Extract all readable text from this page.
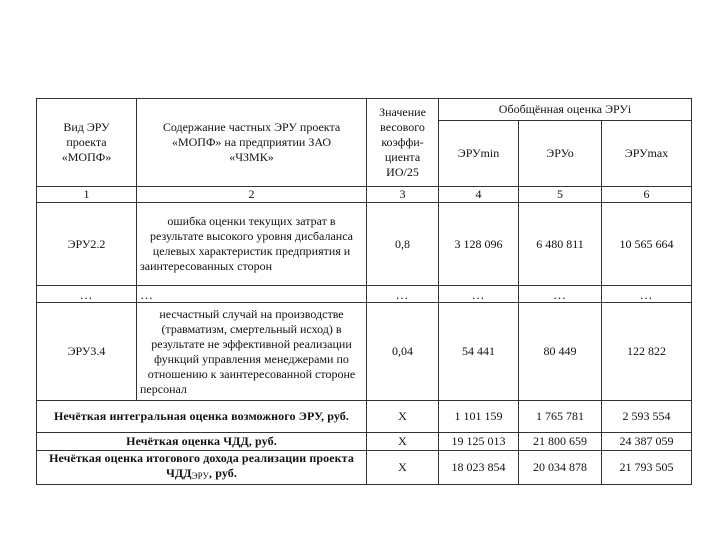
Вид ЭРУ проекта «МОПФ»	Содержание частных ЭРУ проекта «МОПФ» на предприятии ЗАО «ЧЗМК»	Значение весового коэффи-циента ИО/25	Обобщённая оценка ЭРУi		
			ЭРУmin	ЭРУо	ЭРУmax
1	2	3	4	5	6
ЭРУ2.2	ошибка оценки текущих затрат в результате высокого уровня дисбаланса целевых характеристик предприятия и заинтересованных сторон	0,8	3 128 096	6 480 811	10 565 664
…	…	…	…	…	…
ЭРУ3.4	несчастный случай на производстве (травматизм, смертельный исход) в результате не эффективной реализации функций управления менеджерами по отношению к заинтересованной стороне персонал	0,04	54 441	80 449	122 822
Нечёткая интегральная оценка возможного ЭРУ, руб.		X	1 101 159	1 765 781	2 593 554
Нечёткая оценка ЧДД, руб.		X	19 125 013	21 800 659	24 387 059
Нечёткая оценка итогового дохода реализации проекта $ЧДД_{ЭРУ}$, руб.		X	18 023 854	20 034 878	21 793 505
